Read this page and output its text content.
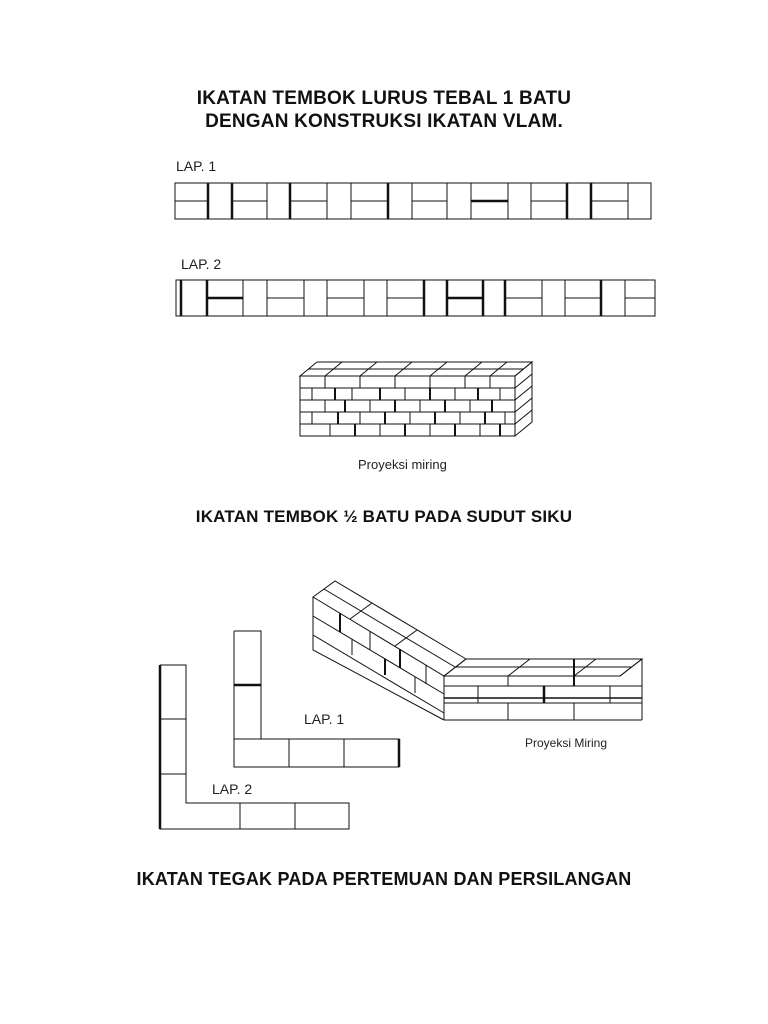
IKATAN TEMBOK LURUS TEBAL 1 BATU
DENGAN KONSTRUKSI IKATAN VLAM.
LAP. 1
LAP. 2
Proyeksi miring
IKATAN TEMBOK ½ BATU PADA SUDUT SIKU
LAP. 1
LAP. 2
Proyeksi Miring
IKATAN TEGAK PADA PERTEMUAN DAN PERSILANGAN
